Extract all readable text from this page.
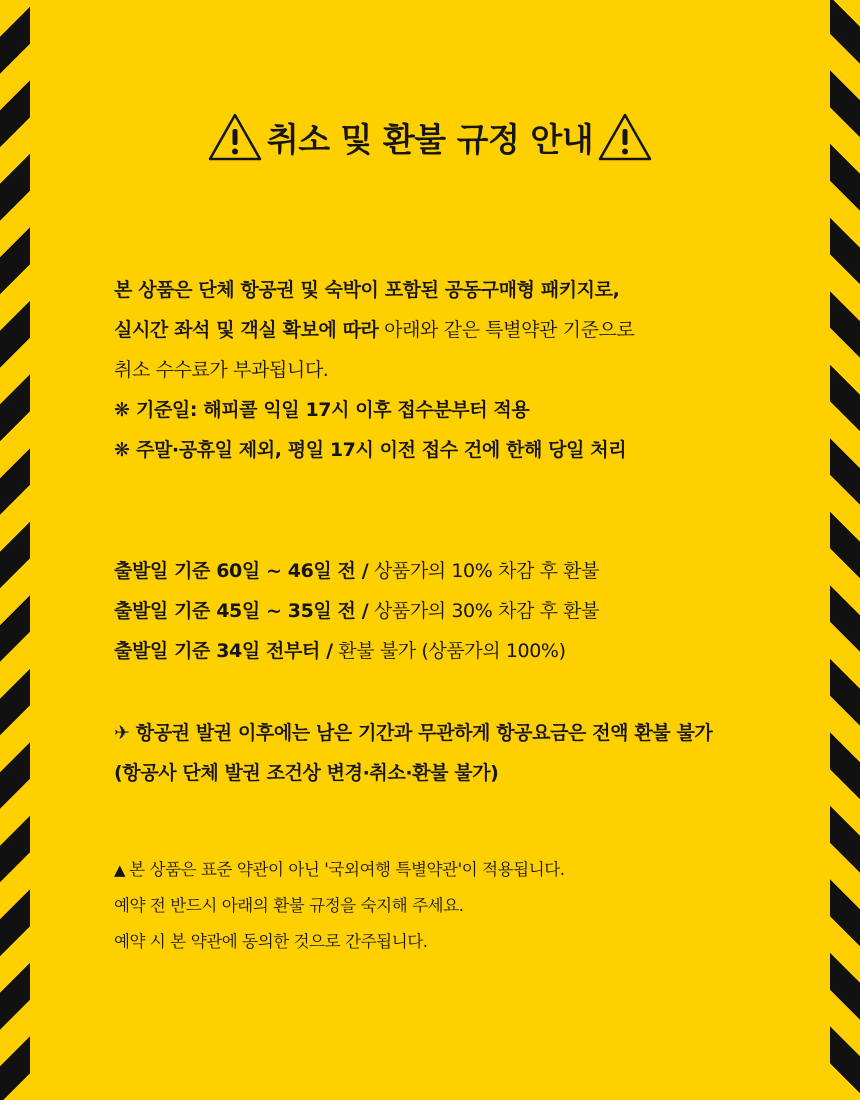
취소 및 환불 규정 안내
본 상품은 단체 항공권 및 숙박이 포함된 공동구매형 패키지로,
실시간 좌석 및 객실 확보에 따라 아래와 같은 특별약관 기준으로
취소 수수료가 부과됩니다.
❋ 기준일: 해피콜 익일 17시 이후 접수분부터 적용
❋ 주말·공휴일 제외, 평일 17시 이전 접수 건에 한해 당일 처리
출발일 기준 60일 ~ 46일 전 / 상품가의 10% 차감 후 환불
출발일 기준 45일 ~ 35일 전 / 상품가의 30% 차감 후 환불
출발일 기준 34일 전부터 / 환불 불가 (상품가의 100%)
✈ 항공권 발권 이후에는 남은 기간과 무관하게 항공요금은 전액 환불 불가
(항공사 단체 발권 조건상 변경·취소·환불 불가)
▲ 본 상품은 표준 약관이 아닌 '국외여행 특별약관'이 적용됩니다.
예약 전 반드시 아래의 환불 규정을 숙지해 주세요.
예약 시 본 약관에 동의한 것으로 간주됩니다.
